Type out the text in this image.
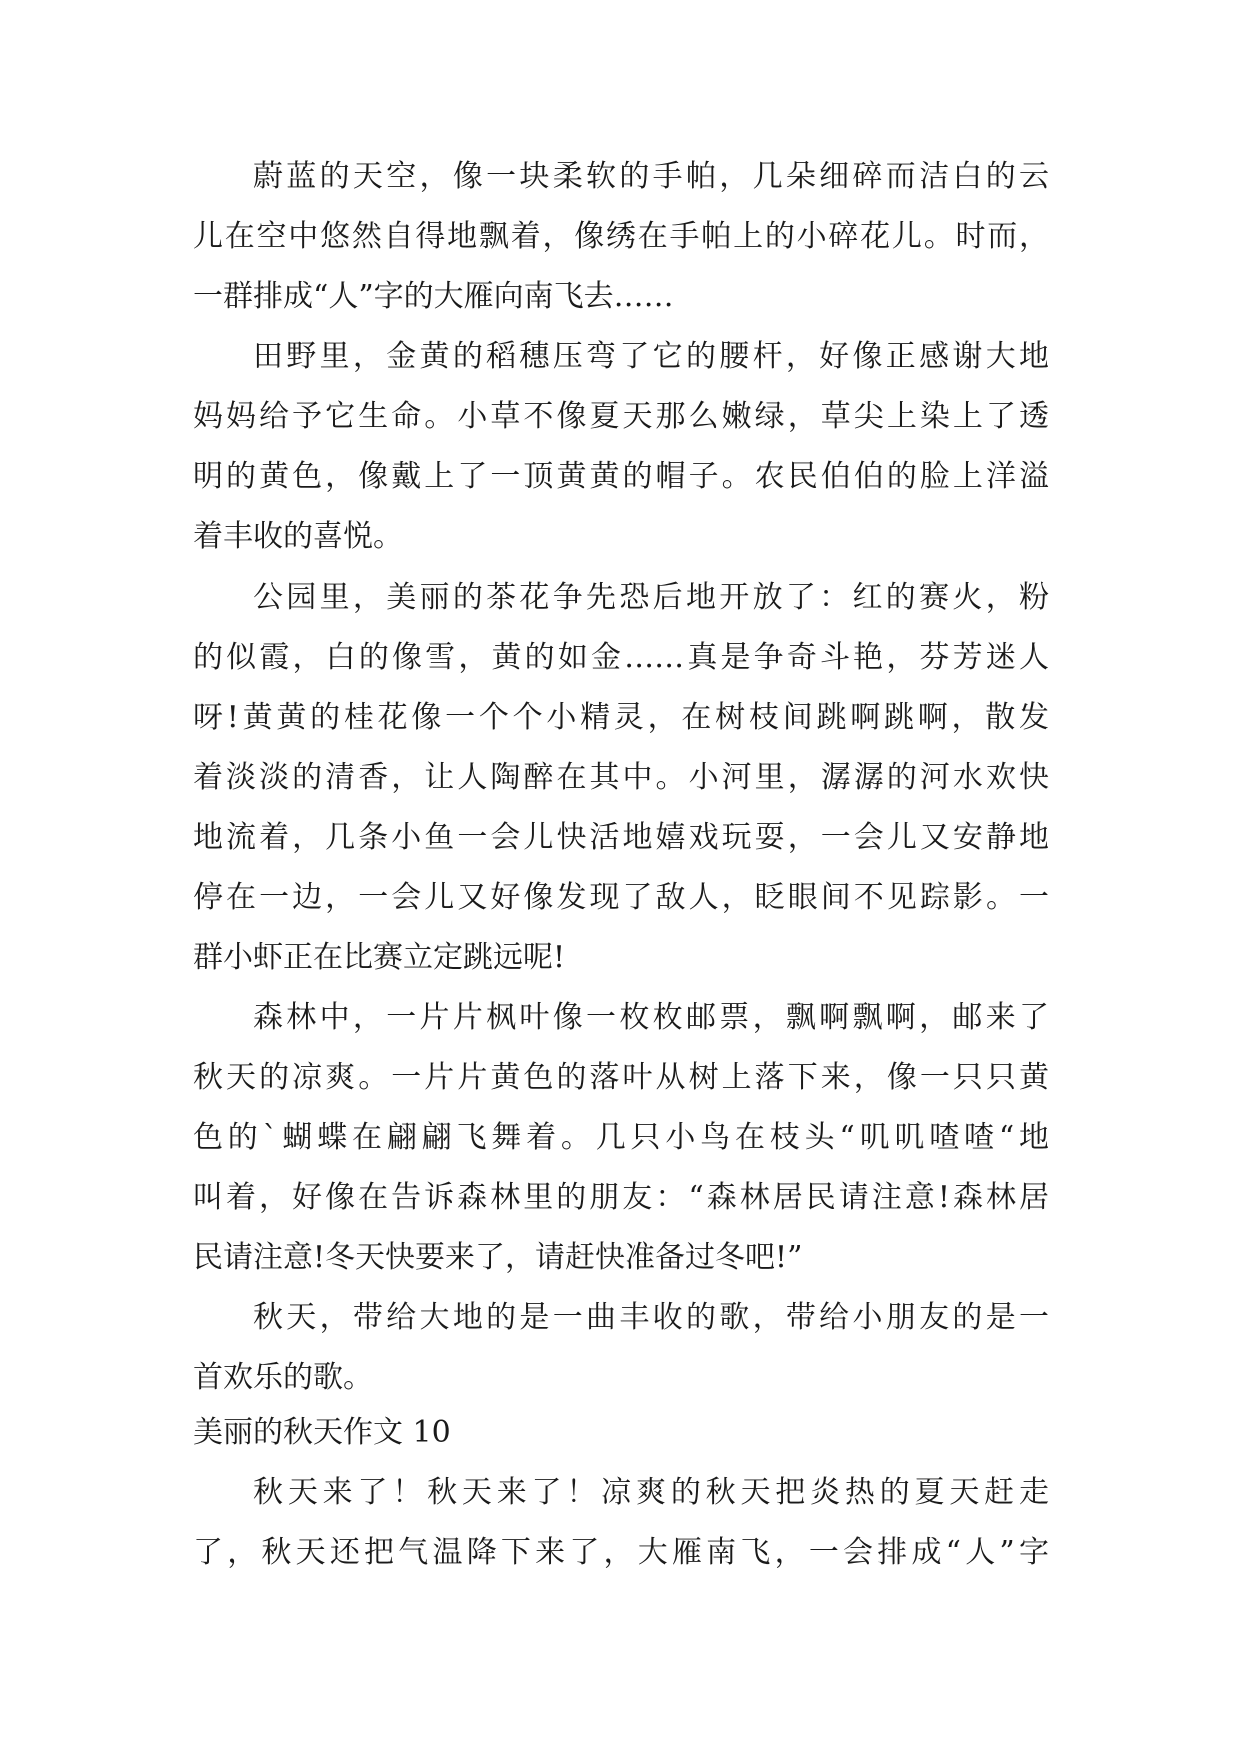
蔚蓝的天空，像一块柔软的手帕，几朵细碎而洁白的云
儿在空中悠然自得地飘着，像绣在手帕上的小碎花儿。时而，
一群排成“人”字的大雁向南飞去……
田野里，金黄的稻穗压弯了它的腰杆，好像正感谢大地
妈妈给予它生命。小草不像夏天那么嫩绿，草尖上染上了透
明的黄色，像戴上了一顶黄黄的帽子。农民伯伯的脸上洋溢
着丰收的喜悦。
公园里，美丽的茶花争先恐后地开放了：红的赛火，粉
的似霞，白的像雪，黄的如金……真是争奇斗艳，芬芳迷人
呀!黄黄的桂花像一个个小精灵，在树枝间跳啊跳啊，散发
着淡淡的清香，让人陶醉在其中。小河里，潺潺的河水欢快
地流着，几条小鱼一会儿快活地嬉戏玩耍，一会儿又安静地
停在一边，一会儿又好像发现了敌人，眨眼间不见踪影。一
群小虾正在比赛立定跳远呢!
森林中，一片片枫叶像一枚枚邮票，飘啊飘啊，邮来了
秋天的凉爽。一片片黄色的落叶从树上落下来，像一只只黄
色的`蝴蝶在翩翩飞舞着。几只小鸟在枝头“叽叽喳喳“地
叫着，好像在告诉森林里的朋友：“森林居民请注意!森林居
民请注意!冬天快要来了，请赶快准备过冬吧!”
秋天，带给大地的是一曲丰收的歌，带给小朋友的是一
首欢乐的歌。
美丽的秋天作文 10
秋天来了！秋天来了！凉爽的秋天把炎热的夏天赶走
了，秋天还把气温降下来了，大雁南飞，一会排成“人”字
